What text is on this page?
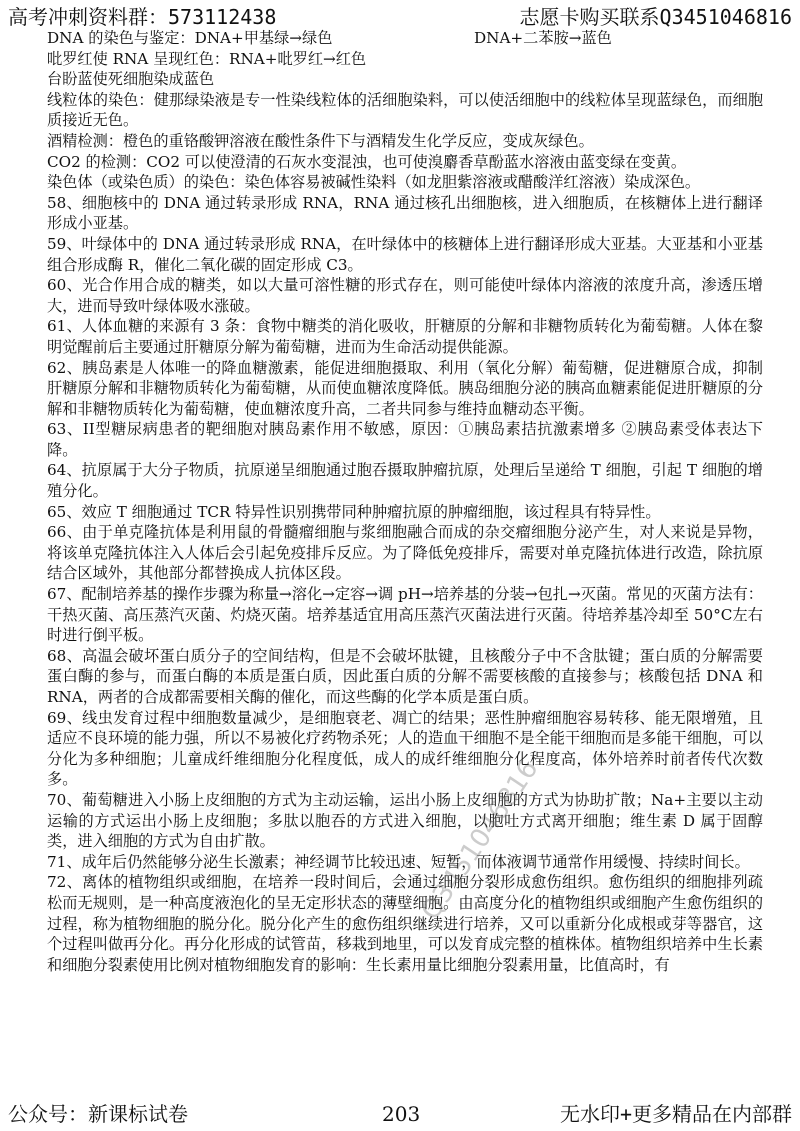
高考冲刺资料群：573112438	志愿卡购买联系Q3451046816
DNA 的染色与鉴定：DNA+甲基绿→绿色	DNA+二苯胺→蓝色

吡罗红使 RNA 呈现红色：RNA+吡罗红→红色

台盼蓝使死细胞染成蓝色

线粒体的染色：健那绿染液是专一性染线粒体的活细胞染料，可以使活细胞中的线粒体呈现蓝绿色，而细胞质接近无色。

酒精检测：橙色的重铬酸钾溶液在酸性条件下与酒精发生化学反应，变成灰绿色。

CO2 的检测：CO2 可以使澄清的石灰水变混浊，也可使溴麝香草酚蓝水溶液由蓝变绿在变黄。

染色体（或染色质）的染色：染色体容易被碱性染料（如龙胆紫溶液或醋酸洋红溶液）染成深色。

58、细胞核中的 DNA 通过转录形成 RNA，RNA 通过核孔出细胞核，进入细胞质，在核糖体上进行翻译形成小亚基。

59、叶绿体中的 DNA 通过转录形成 RNA，在叶绿体中的核糖体上进行翻译形成大亚基。大亚基和小亚基组合形成酶 R，催化二氧化碳的固定形成 C3。

60、光合作用合成的糖类，如以大量可溶性糖的形式存在，则可能使叶绿体内溶液的浓度升高，渗透压增大，进而导致叶绿体吸水涨破。

61、人体血糖的来源有 3 条：食物中糖类的消化吸收，肝糖原的分解和非糖物质转化为葡萄糖。人体在黎明觉醒前后主要通过肝糖原分解为葡萄糖，进而为生命活动提供能源。

62、胰岛素是人体唯一的降血糖激素，能促进细胞摄取、利用（氧化分解）葡萄糖，促进糖原合成，抑制肝糖原分解和非糖物质转化为葡萄糖，从而使血糖浓度降低。胰岛细胞分泌的胰高血糖素能促进肝糖原的分解和非糖物质转化为葡萄糖，使血糖浓度升高，二者共同参与维持血糖动态平衡。

63、II型糖尿病患者的靶细胞对胰岛素作用不敏感，原因：①胰岛素拮抗激素增多 ②胰岛素受体表达下降。

64、抗原属于大分子物质，抗原递呈细胞通过胞吞摄取肿瘤抗原，处理后呈递给 T 细胞，引起 T 细胞的增殖分化。

65、效应 T 细胞通过 TCR 特异性识别携带同种肿瘤抗原的肿瘤细胞，该过程具有特异性。

66、由于单克隆抗体是利用鼠的骨髓瘤细胞与浆细胞融合而成的杂交瘤细胞分泌产生，对人来说是异物，将该单克隆抗体注入人体后会引起免疫排斥反应。为了降低免疫排斥，需要对单克隆抗体进行改造，除抗原结合区域外，其他部分都替换成人抗体区段。

67、配制培养基的操作步骤为称量→溶化→定容→调 pH→培养基的分装→包扎→灭菌。常见的灭菌方法有：干热灭菌、高压蒸汽灭菌、灼烧灭菌。培养基适宜用高压蒸汽灭菌法进行灭菌。待培养基冷却至 50°C左右时进行倒平板。

68、高温会破坏蛋白质分子的空间结构，但是不会破坏肽键，且核酸分子中不含肽键；蛋白质的分解需要蛋白酶的参与，而蛋白酶的本质是蛋白质，因此蛋白质的分解不需要核酸的直接参与；核酸包括 DNA 和 RNA，两者的合成都需要相关酶的催化，而这些酶的化学本质是蛋白质。

69、线虫发育过程中细胞数量减少，是细胞衰老、凋亡的结果；恶性肿瘤细胞容易转移、能无限增殖，且适应不良环境的能力强，所以不易被化疗药物杀死；人的造血干细胞不是全能干细胞而是多能干细胞，可以分化为多种细胞；儿童成纤维细胞分化程度低，成人的成纤维细胞分化程度高，体外培养时前者传代次数多。

70、葡萄糖进入小肠上皮细胞的方式为主动运输，运出小肠上皮细胞的方式为协助扩散；Na+主要以主动运输的方式运出小肠上皮细胞；多肽以胞吞的方式进入细胞，以胞吐方式离开细胞；维生素 D 属于固醇类，进入细胞的方式为自由扩散。

71、成年后仍然能够分泌生长激素；神经调节比较迅速、短暂，而体液调节通常作用缓慢、持续时间长。

72、离体的植物组织或细胞，在培养一段时间后，会通过细胞分裂形成愈伤组织。愈伤组织的细胞排列疏松而无规则，是一种高度液泡化的呈无定形状态的薄壁细胞。由高度分化的植物组织或细胞产生愈伤组织的过程，称为植物细胞的脱分化。脱分化产生的愈伤组织继续进行培养，又可以重新分化成根或芽等器官，这个过程叫做再分化。再分化形成的试管苗，移栽到地里，可以发育成完整的植株体。植物组织培养中生长素和细胞分裂素使用比例对植物细胞发育的影响：生长素用量比细胞分裂素用量，比值高时，有

Q3451046816
公众号：新课标试卷	203	无水印+更多精品在内部群
